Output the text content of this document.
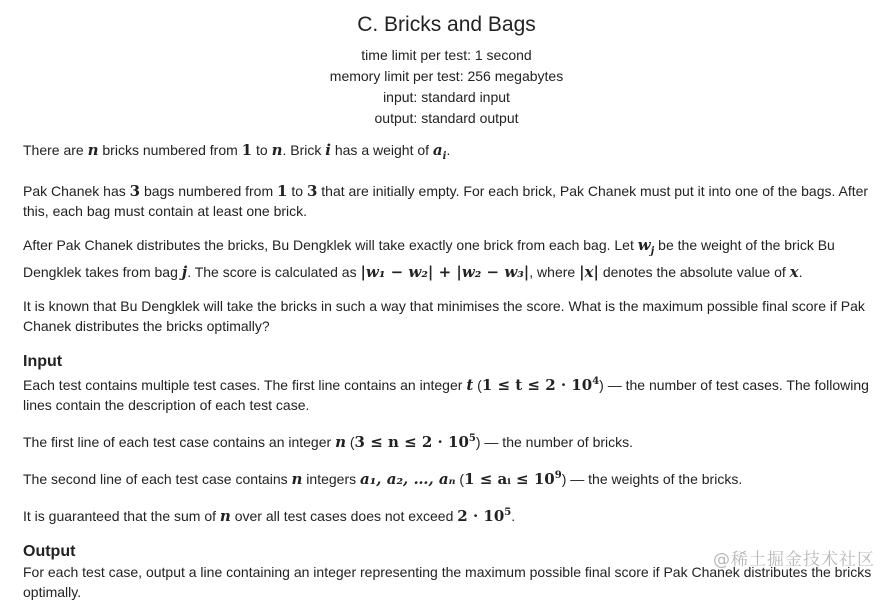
C. Bricks and Bags
time limit per test: 1 second
memory limit per test: 256 megabytes
input: standard input
output: standard output

There are n bricks numbered from 1 to n. Brick i has a weight of $a_i$.

Pak Chanek has 3 bags numbered from 1 to 3 that are initially empty. For each brick, Pak Chanek must put it into one of the bags. After this, each bag must contain at least one brick.

After Pak Chanek distributes the bricks, Bu Dengklek will take exactly one brick from each bag. Let $w_j$ be the weight of the brick Bu Dengklek takes from bag j. The score is calculated as |w₁ − w₂| + |w₂ − w₃|, where |x| denotes the absolute value of x.

It is known that Bu Dengklek will take the bricks in such a way that minimises the score. What is the maximum possible final score if Pak Chanek distributes the bricks optimally?

Input

Each test contains multiple test cases. The first line contains an integer t $(1 \le t \le 2 \cdot 10^4)$ — the number of test cases. The following lines contain the description of each test case.

The first line of each test case contains an integer n $(3 \le n \le 2 \cdot 10^5)$ — the number of bricks.

The second line of each test case contains n integers a₁, a₂, …, aₙ (1 ≤ aᵢ ≤ $10^9$) — the weights of the bricks.

It is guaranteed that the sum of n over all test cases does not exceed $2 \cdot 10^5$.

Output

For each test case, output a line containing an integer representing the maximum possible final score if Pak Chanek distributes the bricks optimally.

@稀土掘金技术社区
